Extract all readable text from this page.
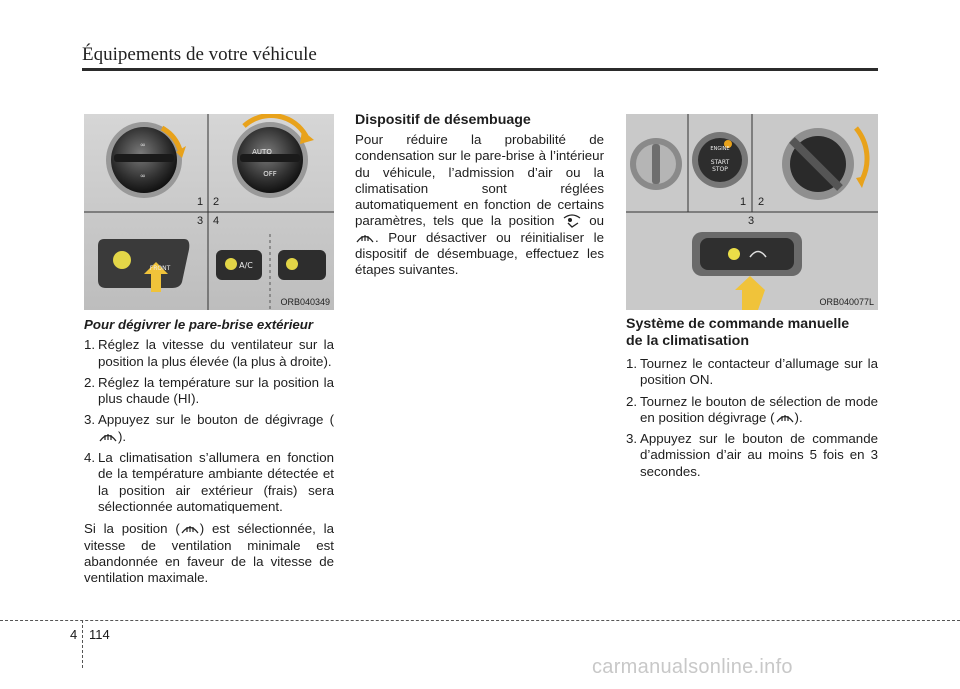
Équipements de votre véhicule
∞
∞
AUTO
OFF
FRONT	A/C
1 2
3 4
ORB040349

Pour dégivrer le pare-brise extérieur

1. Réglez la vitesse du ventilateur sur la position la plus élevée (la plus à droite).
2. Réglez la température sur la position la plus chaude (HI).
3. Appuyez sur le bouton de dégivrage ().
4. La climatisation s’allumera en fonction de la température ambiante détectée et la position air extérieur (frais) sera sélectionnée automatiquement.

Si la position ( ) est sélectionnée, la vitesse de ventilation minimale est abandonnée en faveur de la vitesse de ventilation maximale.

Dispositif de désembuage

Pour réduire la probabilité de condensation sur le pare-brise à l’intérieur du véhicule, l’admission d’air ou la climatisation sont réglées automatiquement en fonction de certains paramètres, tels que la position	ou . Pour désactiver ou réinitialiser le dispositif de désembuage, effectuez les étapes suivantes.

ENGINE
START
STOP
1 2
3
ORB040077L
Système de commande manuelle
de la climatisation
1. Tournez le contacteur d’allumage sur la position ON.
2. Tournez le bouton de sélection de mode en position dégivrage ( ).
3. Appuyez sur le bouton de commande d’admission d’air au moins 5 fois en 3 secondes.
4 114
carmanualsonline.info
